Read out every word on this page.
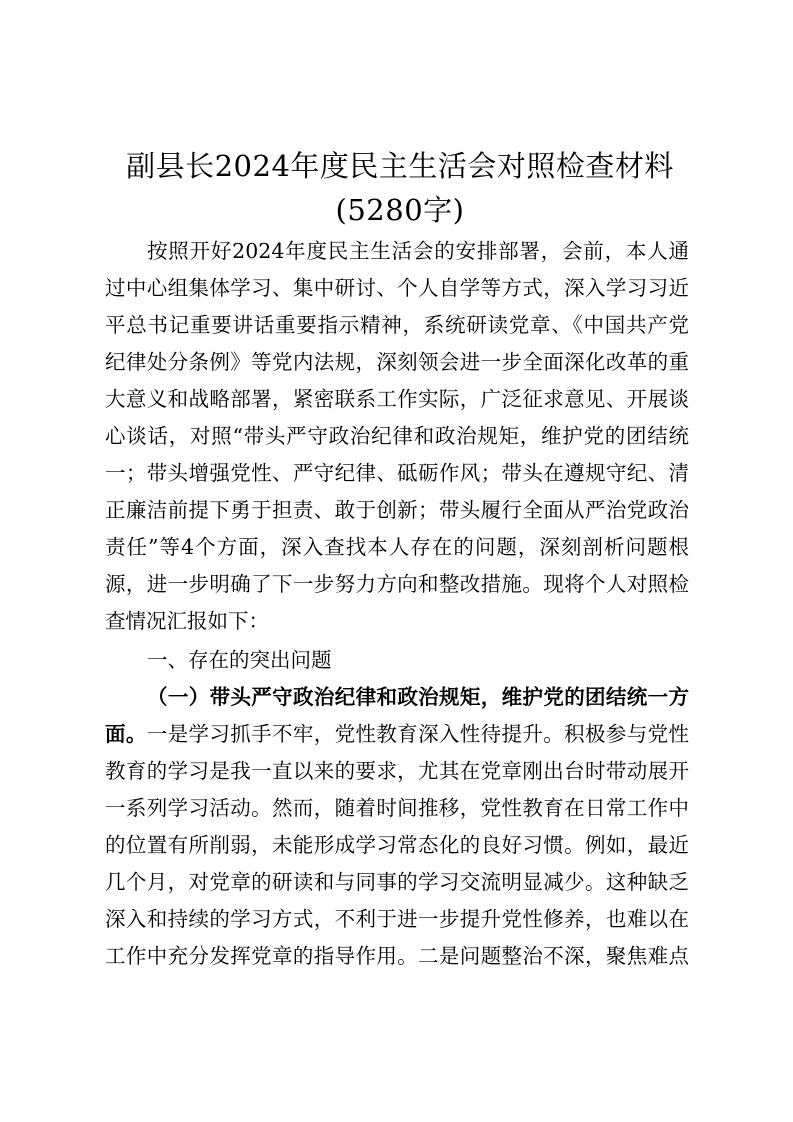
副县长2024年度民主生活会对照检查材料
(5280字)
按照开好2024年度民主生活会的安排部署，会前，本人通
过中心组集体学习、集中研讨、个人自学等方式，深入学习习近
平总书记重要讲话重要指示精神，系统研读党章、《中国共产党
纪律处分条例》等党内法规，深刻领会进一步全面深化改革的重
大意义和战略部署，紧密联系工作实际，广泛征求意见、开展谈
心谈话，对照“带头严守政治纪律和政治规矩，维护党的团结统
一；带头增强党性、严守纪律、砥砺作风；带头在遵规守纪、清
正廉洁前提下勇于担责、敢于创新；带头履行全面从严治党政治
责任”等4个方面，深入查找本人存在的问题，深刻剖析问题根
源，进一步明确了下一步努力方向和整改措施。现将个人对照检
查情况汇报如下：
一、存在的突出问题
（一）带头严守政治纪律和政治规矩，维护党的团结统一方
面。一是学习抓手不牢，党性教育深入性待提升。积极参与党性
教育的学习是我一直以来的要求，尤其在党章刚出台时带动展开
一系列学习活动。然而，随着时间推移，党性教育在日常工作中
的位置有所削弱，未能形成学习常态化的良好习惯。例如，最近
几个月，对党章的研读和与同事的学习交流明显减少。这种缺乏
深入和持续的学习方式，不利于进一步提升党性修养，也难以在
工作中充分发挥党章的指导作用。二是问题整治不深，聚焦难点
